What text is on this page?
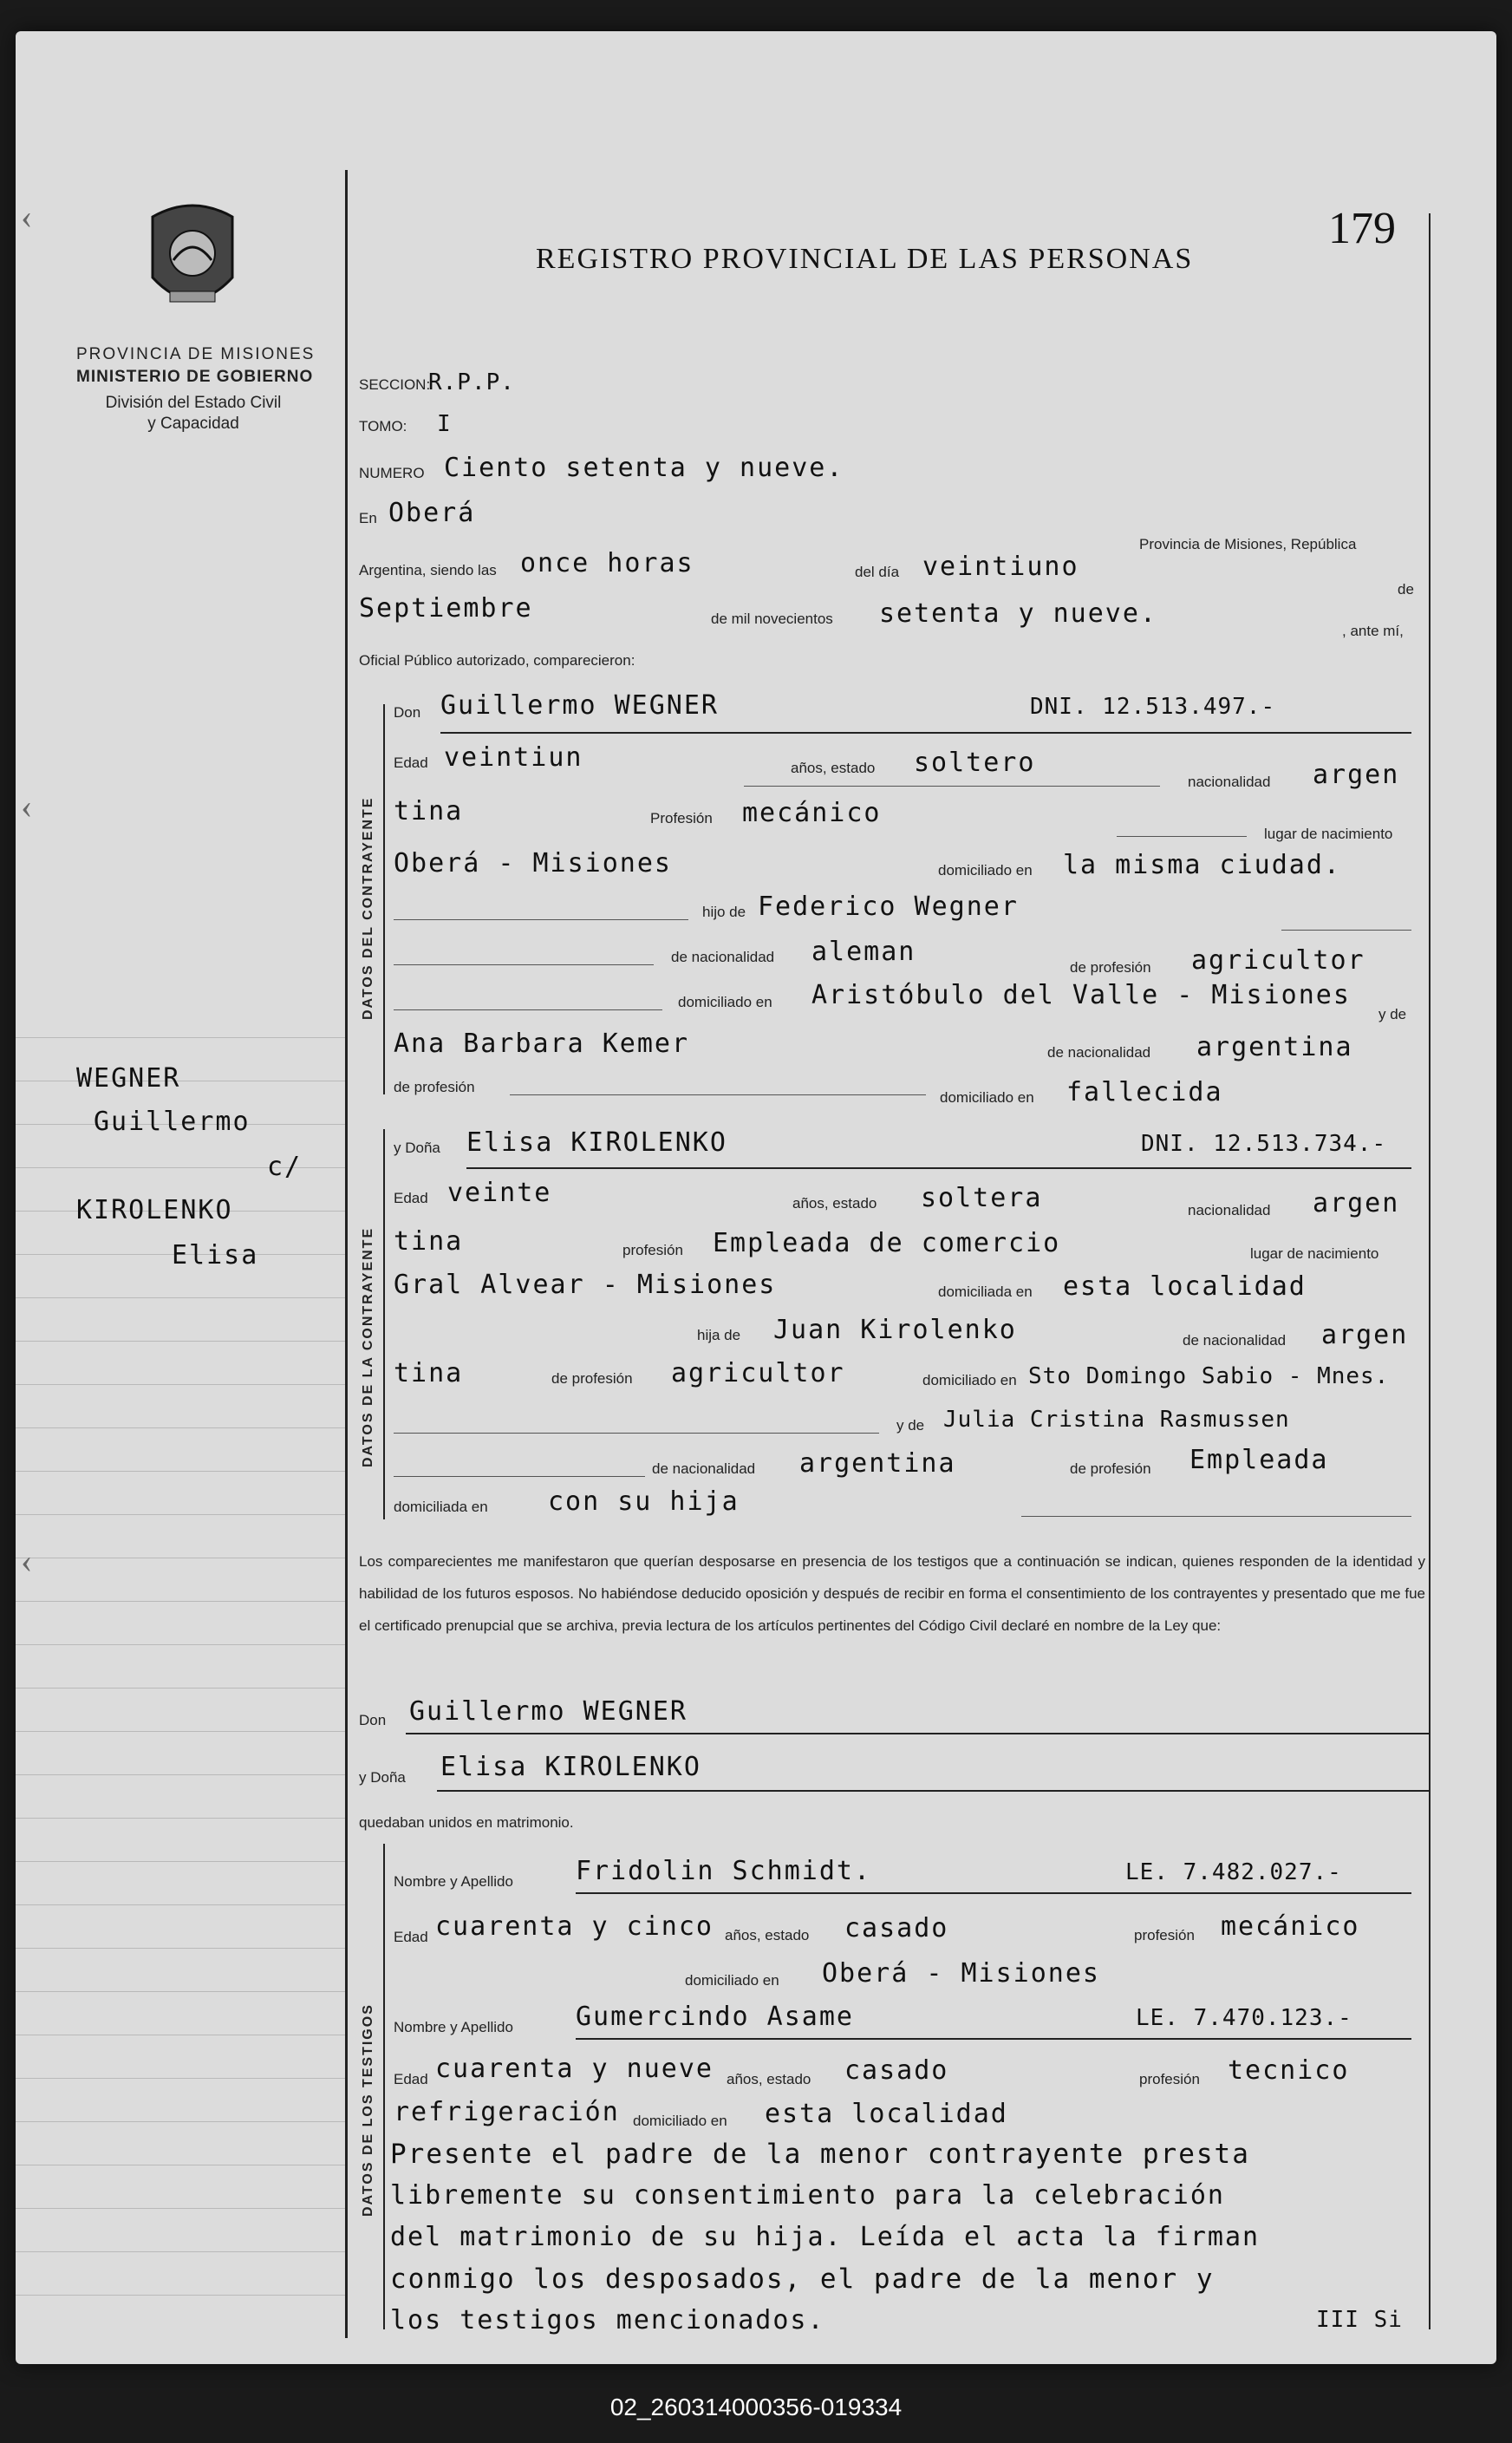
‹
‹
‹
PROVINCIA DE MISIONES
MINISTERIO DE GOBIERNO
División del Estado Civil
y Capacidad
REGISTRO PROVINCIAL DE LAS PERSONAS
179
WEGNER
Guillermo
c/
KIROLENKO
Elisa
SECCION:
R.P.P.
TOMO: I
NUMERO Ciento setenta y nueve.
En Oberá
Provincia de Misiones, República
Argentina, siendo las once horas	del día veintiuno
de
Septiembre	de mil novecientos setenta y nueve.
, ante mí,
Oficial Público autorizado, comparecieron:
DATOS DEL CONTRAYENTE
Don Guillermo WEGNER	DNI. 12.513.497.-
Edad veintiun	años, estado soltero
nacionalidad argen
tina	Profesión mecánico
lugar de nacimiento
Oberá - Misiones	domiciliado en la misma ciudad.
hijo de Federico Wegner
de nacionalidad aleman
de profesión agricultor
domiciliado en Aristóbulo del Valle - Misiones
y de
Ana Barbara Kemer	de nacionalidad argentina
de profesión
domiciliado en fallecida
DATOS DE LA CONTRAYENTE
y Doña Elisa KIROLENKO	DNI. 12.513.734.-
Edad veinte	años, estado soltera	nacionalidad argen
tina	profesión Empleada de comercio	lugar de nacimiento
Gral Alvear - Misiones	domiciliada en esta localidad
hija de Juan Kirolenko	de nacionalidad argen
tina	de profesión agricultor	domiciliado en Sto Domingo Sabio - Mnes.
y de Julia Cristina Rasmussen
de nacionalidad argentina	de profesión Empleada
domiciliada en con su hija
Los comparecientes me manifestaron que querían desposarse en presencia de los testigos que a continuación se indican, quienes responden de la identidad y habilidad de los futuros esposos. No habiéndose deducido oposición y después de recibir en forma el consentimiento de los contrayentes y presentado que me fue el certificado prenupcial que se archiva, previa lectura de los artículos pertinentes del Código Civil declaré en nombre de la Ley que:
Don Guillermo WEGNER
y Doña Elisa KIROLENKO
quedaban unidos en matrimonio.
DATOS DE LOS TESTIGOS
Nombre y Apellido Fridolin Schmidt.	LE. 7.482.027.-
Edad cuarenta y cinco años, estado casado	profesión mecánico
domiciliado en Oberá - Misiones
Nombre y Apellido Gumercindo Asame	LE. 7.470.123.-
Edad cuarenta y nueve años, estado casado	profesión tecnico
refrigeración domiciliado en esta localidad
Presente el padre de la menor contrayente presta
libremente su consentimiento para la celebración
del matrimonio de su hija. Leída el acta la firman
conmigo los desposados, el padre de la menor y
los testigos mencionados.	III Si
02_260314000356-019334
